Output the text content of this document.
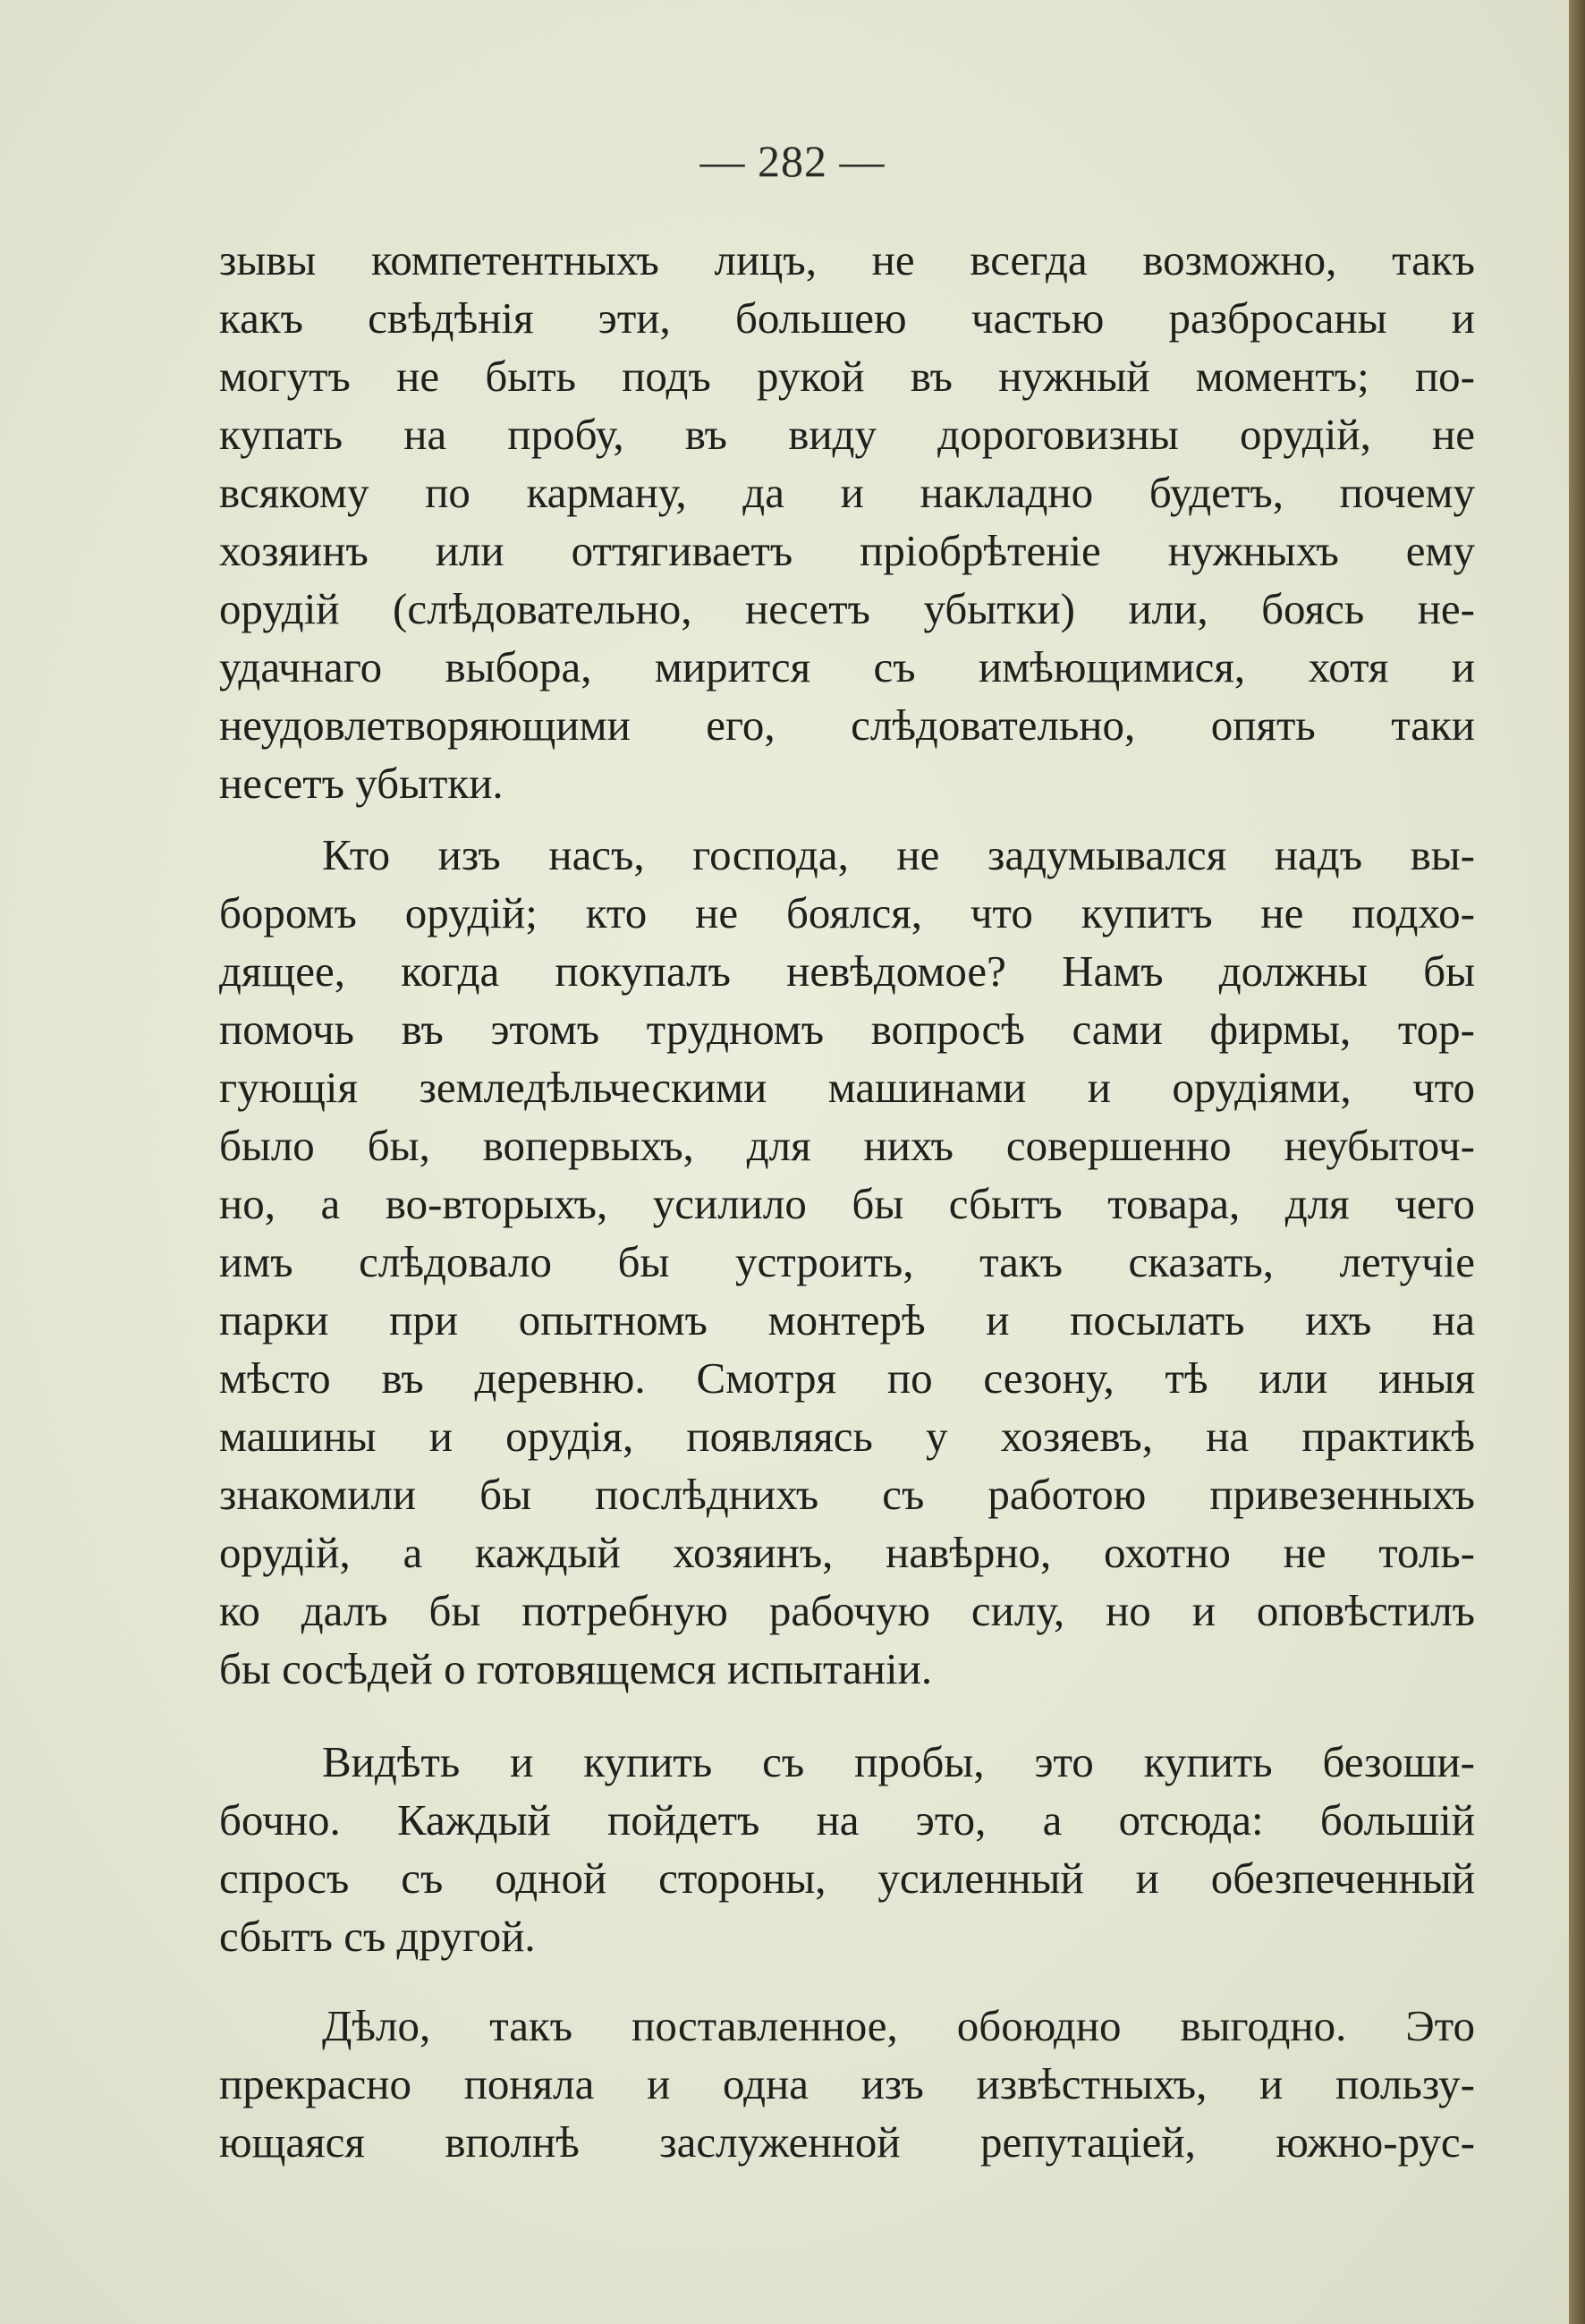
— 282 —
зывы компетентныхъ лицъ, не всегда возможно, такъ
какъ свѣдѣнія эти, большею частью разбросаны и
могутъ не быть подъ рукой въ нужный моментъ; по-
купать на пробу, въ виду дороговизны орудій, не
всякому по карману, да и накладно будетъ, почему
хозяинъ или оттягиваетъ пріобрѣтеніе нужныхъ ему
орудій (слѣдовательно, несетъ убытки) или, боясь не-
удачнаго выбора, мирится съ имѣющимися, хотя и
неудовлетворяющими его, слѣдовательно, опять таки
несетъ убытки.
Кто изъ насъ, господа, не задумывался надъ вы-
боромъ орудій; кто не боялся, что купитъ не подхо-
дящее, когда покупалъ невѣдомое? Намъ должны бы
помочь въ этомъ трудномъ вопросѣ сами фирмы, тор-
гующія земледѣльческими машинами и орудіями, что
было бы, вопервыхъ, для нихъ совершенно неубыточ-
но, а во-вторыхъ, усилило бы сбытъ товара, для чего
имъ слѣдовало бы устроить, такъ сказать, летучіе
парки при опытномъ монтерѣ и посылать ихъ на
мѣсто въ деревню. Смотря по сезону, тѣ или иныя
машины и орудія, появляясь у хозяевъ, на практикѣ
знакомили бы послѣднихъ съ работою привезенныхъ
орудій, а каждый хозяинъ, навѣрно, охотно не толь-
ко далъ бы потребную рабочую силу, но и оповѣстилъ
бы сосѣдей о готовящемся испытаніи.
Видѣть и купить съ пробы, это купить безоши-
бочно. Каждый пойдетъ на это, а отсюда: большій
спросъ съ одной стороны, усиленный и обезпеченный
сбытъ съ другой.
Дѣло, такъ поставленное, обоюдно выгодно. Это
прекрасно поняла и одна изъ извѣстныхъ, и пользу-
ющаяся вполнѣ заслуженной репутаціей, южно-рус-
